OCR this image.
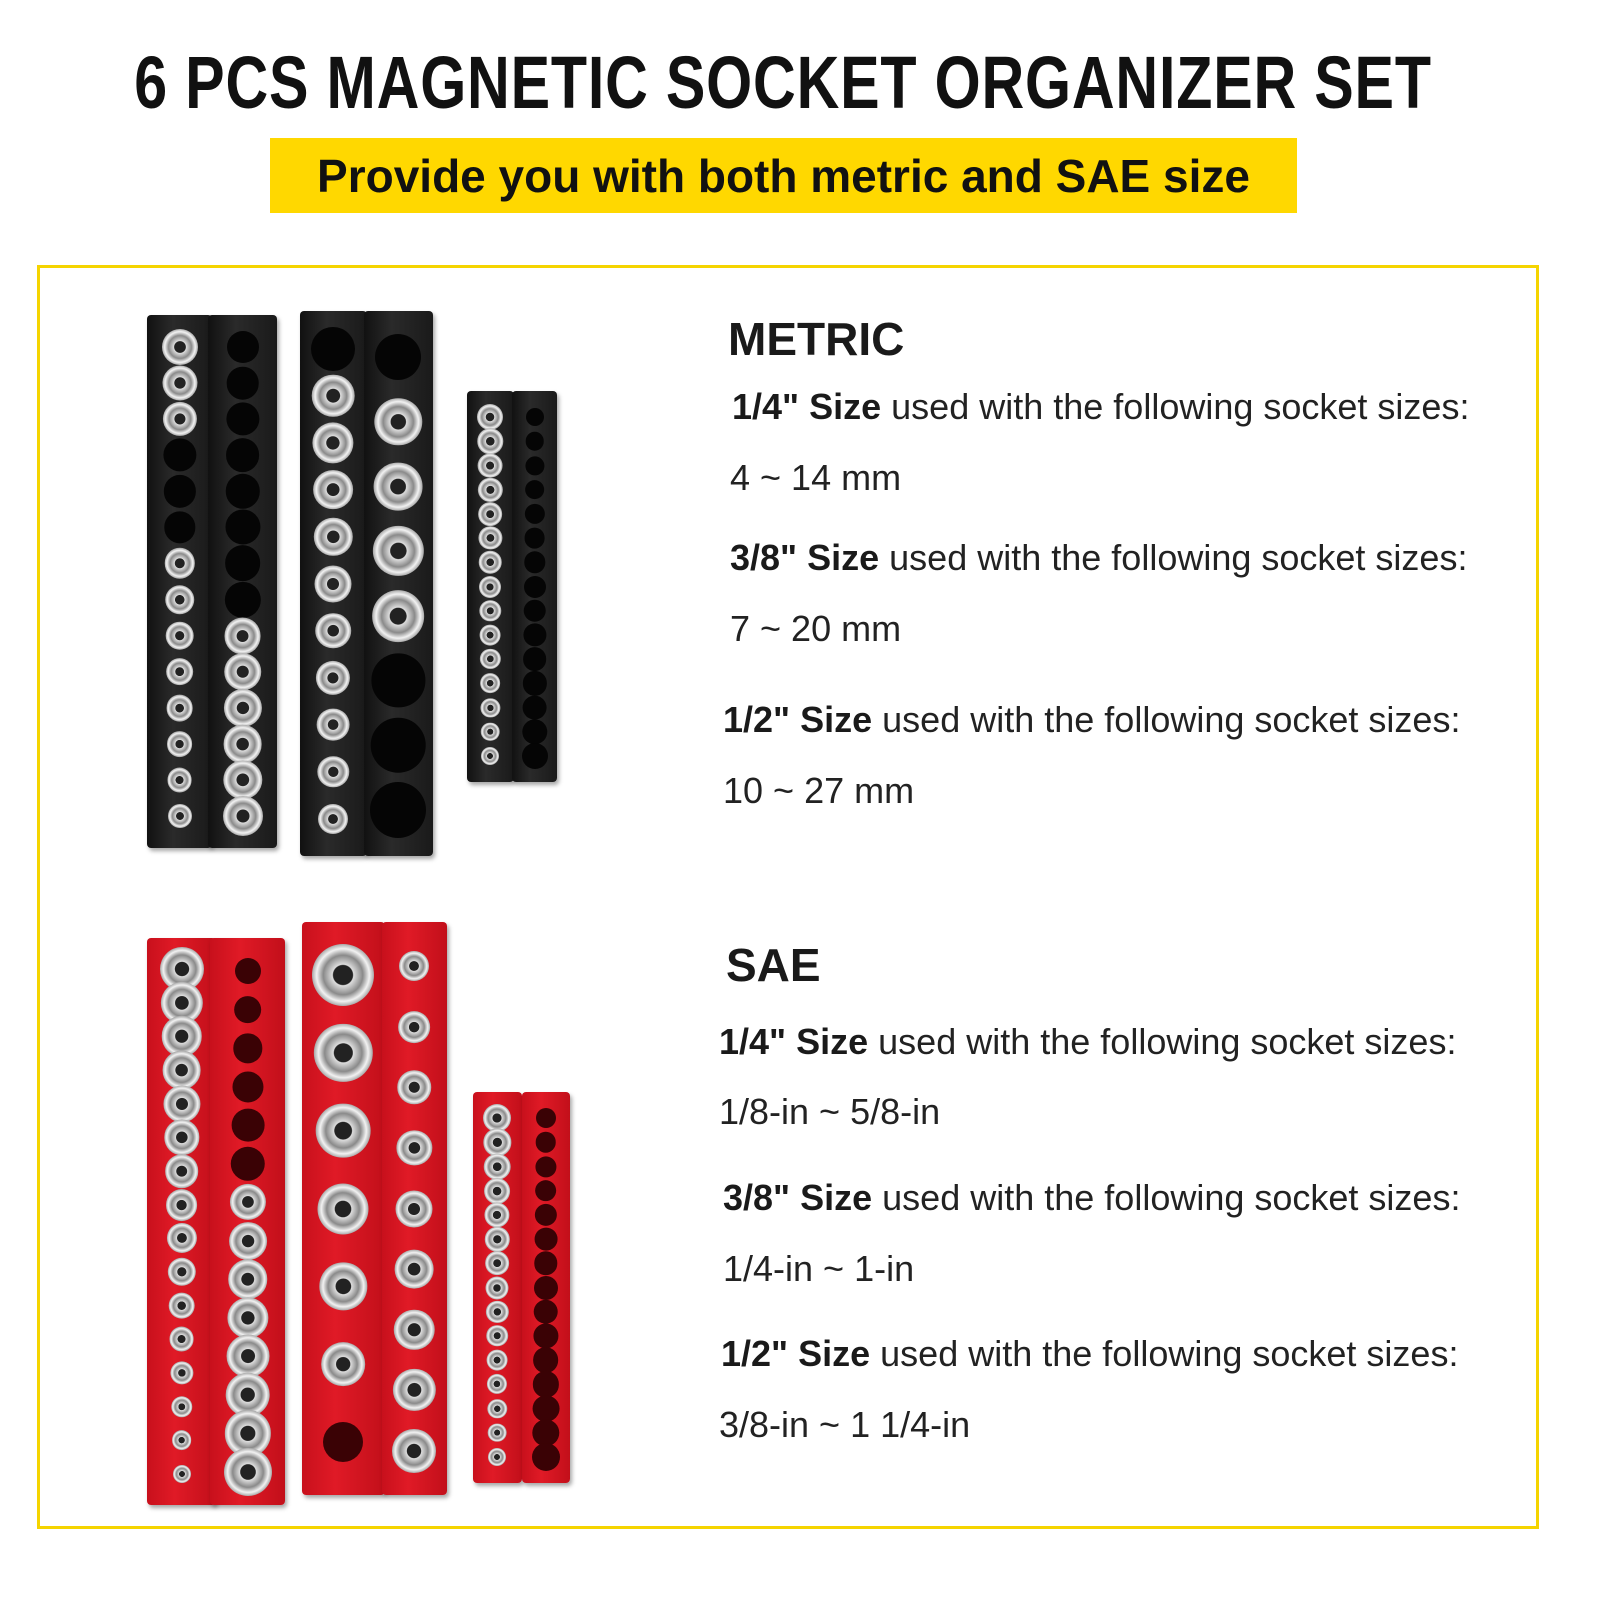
6 PCS MAGNETIC SOCKET ORGANIZER SET
Provide you with both metric and SAE size
METRIC
1/4" Size used with the following socket sizes:
4 ~ 14 mm
3/8" Size used with the following socket sizes:
7 ~ 20 mm
1/2" Size used with the following socket sizes:
10 ~ 27 mm
SAE
1/4" Size used with the following socket sizes:
1/8-in ~ 5/8-in
3/8" Size used with the following socket sizes:
1/4-in ~ 1-in
1/2" Size used with the following socket sizes:
3/8-in ~ 1 1/4-in
